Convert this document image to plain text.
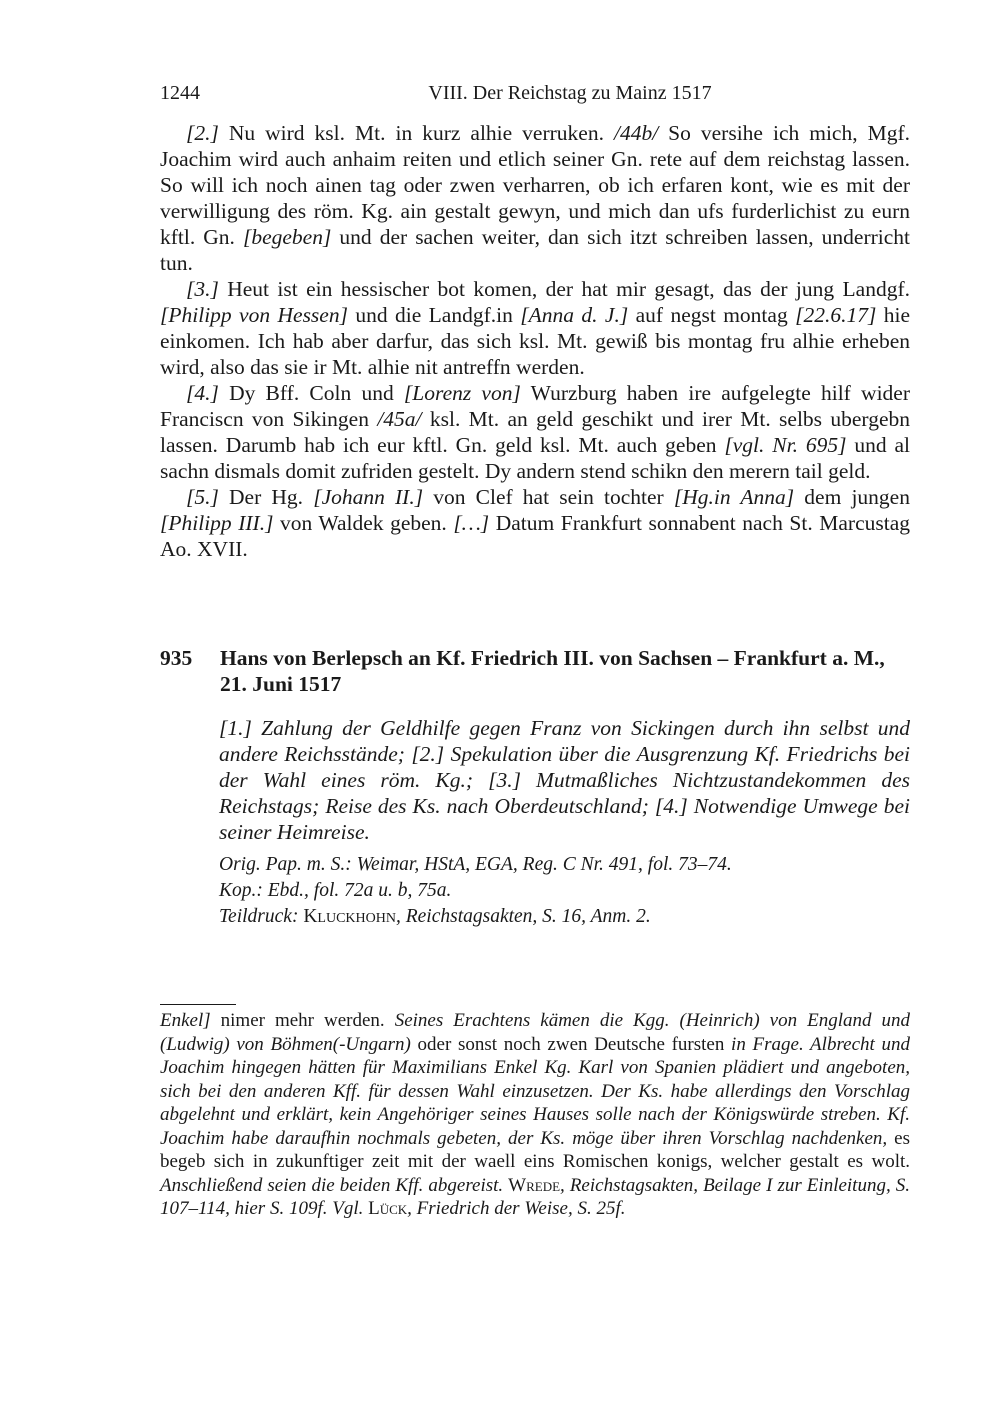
1244	VIII. Der Reichstag zu Mainz 1517

[2.] Nu wird ksl. Mt. in kurz alhie verruken. /44b/ So versihe ich mich, Mgf. Joachim wird auch anhaim reiten und etlich seiner Gn. rete auf dem reichstag lassen. So will ich noch ainen tag oder zwen verharren, ob ich erfaren kont, wie es mit der verwilligung des röm. Kg. ain gestalt gewyn, und mich dan ufs furderlichist zu eurn kftl. Gn. [begeben] und der sachen weiter, dan sich itzt schreiben lassen, underricht tun.

[3.] Heut ist ein hessischer bot komen, der hat mir gesagt, das der jung Landgf. [Philipp von Hessen] und die Landgf.in [Anna d. J.] auf negst montag [22.6.17] hie einkomen. Ich hab aber darfur, das sich ksl. Mt. gewiß bis montag fru alhie erheben wird, also das sie ir Mt. alhie nit antreffn werden.

[4.] Dy Bff. Coln und [Lorenz von] Wurzburg haben ire aufgelegte hilf wider Franciscn von Sikingen /45a/ ksl. Mt. an geld geschikt und irer Mt. selbs ubergebn lassen. Darumb hab ich eur kftl. Gn. geld ksl. Mt. auch geben [vgl. Nr. 695] und al sachn dismals domit zufriden gestelt. Dy andern stend schikn den merern tail geld.

[5.] Der Hg. [Johann II.] von Clef hat sein tochter [Hg.in Anna] dem jungen [Philipp III.] von Waldek geben. […] Datum Frankfurt sonnabent nach St. Marcustag Ao. XVII.

935 Hans von Berlepsch an Kf. Friedrich III. von Sachsen – Frankfurt a. M., 21. Juni 1517
[1.] Zahlung der Geldhilfe gegen Franz von Sickingen durch ihn selbst und andere Reichsstände; [2.] Spekulation über die Ausgrenzung Kf. Friedrichs bei der Wahl eines röm. Kg.; [3.] Mutmaßliches Nichtzustandekommen des Reichstags; Reise des Ks. nach Oberdeutschland; [4.] Notwendige Umwege bei seiner Heimreise.
Orig. Pap. m. S.: Weimar, HStA, EGA, Reg. C Nr. 491, fol. 73–74.
Kop.: Ebd., fol. 72a u. b, 75a.
Teildruck: Kluckhohn, Reichstagsakten, S. 16, Anm. 2.
Enkel] nimer mehr werden. Seines Erachtens kämen die Kgg. (Heinrich) von England und (Ludwig) von Böhmen(-Ungarn) oder sonst noch zwen Deutsche fursten in Frage. Albrecht und Joachim hingegen hätten für Maximilians Enkel Kg. Karl von Spanien plädiert und angeboten, sich bei den anderen Kff. für dessen Wahl einzusetzen. Der Ks. habe allerdings den Vorschlag abgelehnt und erklärt, kein Angehöriger seines Hauses solle nach der Königswürde streben. Kf. Joachim habe daraufhin nochmals gebeten, der Ks. möge über ihren Vorschlag nachdenken, es begeb sich in zukunftiger zeit mit der waell eins Romischen konigs, welcher gestalt es wolt. Anschließend seien die beiden Kff. abgereist. Wrede, Reichstagsakten, Beilage I zur Einleitung, S. 107–114, hier S. 109f. Vgl. Lück, Friedrich der Weise, S. 25f.
